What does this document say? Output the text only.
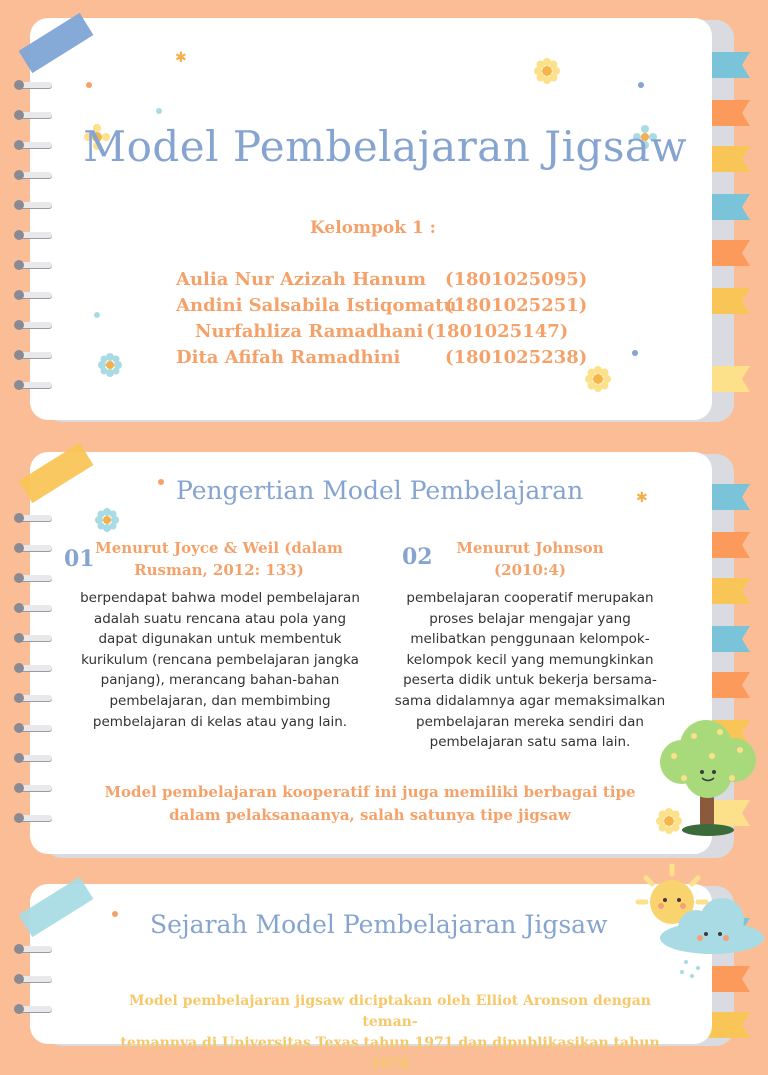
✱
Model Pembelajaran Jigsaw
Kelompok 1 :
Aulia Nur Azizah Hanum (1801025095)
Andini Salsabila Istiqomatul
(1801025251)
Nurfahliza Ramadhani (1801025147)
Dita Afifah Ramadhini (1801025238)
Pengertian Model Pembelajaran	✱
01 Menurut Joyce & Weil (dalam
Rusman, 2012: 133)
berpendapat bahwa model pembelajaran
adalah suatu rencana atau pola yang
dapat digunakan untuk membentuk
kurikulum (rencana pembelajaran jangka
panjang), merancang bahan-bahan
pembelajaran, dan membimbing
pembelajaran di kelas atau yang lain.
02	Menurut Johnson
(2010:4)
pembelajaran cooperatif merupakan
proses belajar mengajar yang
melibatkan penggunaan kelompok-
kelompok kecil yang memungkinkan
peserta didik untuk bekerja bersama-
sama didalamnya agar memaksimalkan
pembelajaran mereka sendiri dan
pembelajaran satu sama lain.
Model pembelajaran kooperatif ini juga memiliki berbagai tipe
dalam pelaksanaanya, salah satunya tipe jigsaw
Sejarah Model Pembelajaran Jigsaw
Model pembelajaran jigsaw diciptakan oleh Elliot Aronson dengan teman-
temannya di Universitas Texas tahun 1971 dan dipublikasikan tahun 1978
